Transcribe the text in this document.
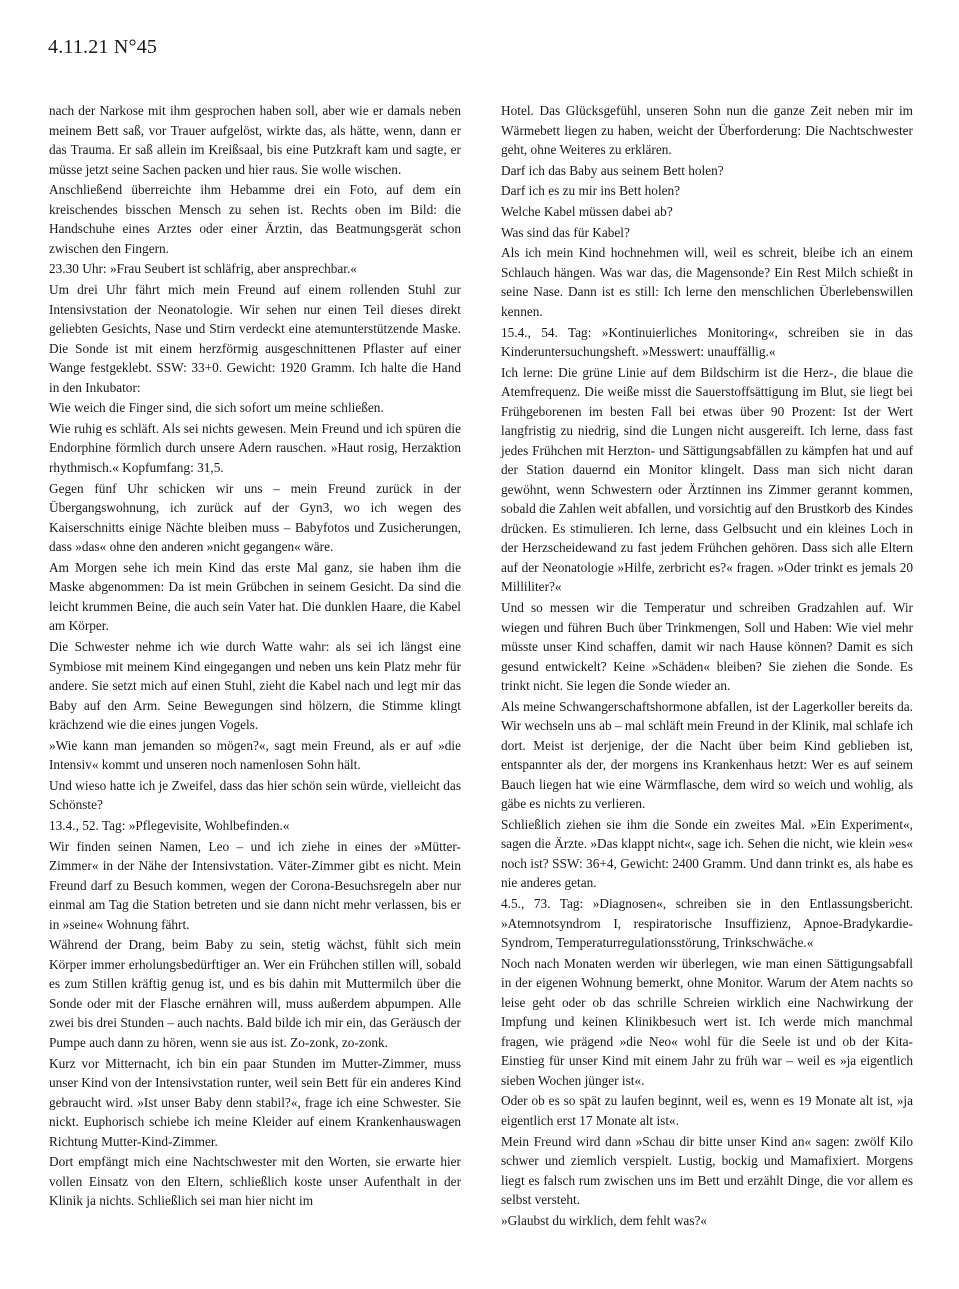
4.11.21 N°45

nach der Narkose mit ihm gesprochen haben soll, aber wie er damals neben meinem Bett saß, vor Trauer aufgelöst, wirkte das, als hätte, wenn, dann er das Trauma. Er saß allein im Kreißsaal, bis eine Putzkraft kam und sagte, er müsse jetzt seine Sachen packen und hier raus. Sie wolle wischen.

Anschließend überreichte ihm Hebamme drei ein Foto, auf dem ein kreischendes bisschen Mensch zu sehen ist. Rechts oben im Bild: die Handschuhe eines Arztes oder einer Ärztin, das Beatmungsgerät schon zwischen den Fingern.

23.30 Uhr: »Frau Seubert ist schläfrig, aber ansprechbar.«

Um drei Uhr fährt mich mein Freund auf einem rollenden Stuhl zur Intensivstation der Neonatologie. Wir sehen nur einen Teil dieses direkt geliebten Gesichts, Nase und Stirn verdeckt eine atemunterstützende Maske. Die Sonde ist mit einem herzförmig ausgeschnittenen Pflaster auf einer Wange festgeklebt. SSW: 33+0. Gewicht: 1920 Gramm. Ich halte die Hand in den Inkubator:

Wie weich die Finger sind, die sich sofort um meine schließen.

Wie ruhig es schläft. Als sei nichts gewesen. Mein Freund und ich spüren die Endorphine förmlich durch unsere Adern rauschen. »Haut rosig, Herzaktion rhythmisch.« Kopfumfang: 31,5.

Gegen fünf Uhr schicken wir uns – mein Freund zurück in der Übergangswohnung, ich zurück auf der Gyn3, wo ich wegen des Kaiserschnitts einige Nächte bleiben muss – Babyfotos und Zusicherungen, dass »das« ohne den anderen »nicht gegangen« wäre.

Am Morgen sehe ich mein Kind das erste Mal ganz, sie haben ihm die Maske abgenommen: Da ist mein Grübchen in seinem Gesicht. Da sind die leicht krummen Beine, die auch sein Vater hat. Die dunklen Haare, die Kabel am Körper.

Die Schwester nehme ich wie durch Watte wahr: als sei ich längst eine Symbiose mit meinem Kind eingegangen und neben uns kein Platz mehr für andere. Sie setzt mich auf einen Stuhl, zieht die Kabel nach und legt mir das Baby auf den Arm. Seine Bewegungen sind hölzern, die Stimme klingt krächzend wie die eines jungen Vogels.

»Wie kann man jemanden so mögen?«, sagt mein Freund, als er auf »die Intensiv« kommt und unseren noch namenlosen Sohn hält.

Und wieso hatte ich je Zweifel, dass das hier schön sein würde, vielleicht das Schönste?

13.4., 52. Tag: »Pflegevisite, Wohlbefinden.«

Wir finden seinen Namen, Leo – und ich ziehe in eines der »Mütter-Zimmer« in der Nähe der Intensivstation. Väter-Zimmer gibt es nicht. Mein Freund darf zu Besuch kommen, wegen der Corona-Besuchsregeln aber nur einmal am Tag die Station betreten und sie dann nicht mehr verlassen, bis er in »seine« Wohnung fährt.

Während der Drang, beim Baby zu sein, stetig wächst, fühlt sich mein Körper immer erholungsbedürftiger an. Wer ein Frühchen stillen will, sobald es zum Stillen kräftig genug ist, und es bis dahin mit Muttermilch über die Sonde oder mit der Flasche ernähren will, muss außerdem abpumpen. Alle zwei bis drei Stunden – auch nachts. Bald bilde ich mir ein, das Geräusch der Pumpe auch dann zu hören, wenn sie aus ist. Zo-zonk, zo-zonk.

Kurz vor Mitternacht, ich bin ein paar Stunden im Mutter-Zimmer, muss unser Kind von der Intensivstation runter, weil sein Bett für ein anderes Kind gebraucht wird. »Ist unser Baby denn stabil?«, frage ich eine Schwester. Sie nickt. Euphorisch schiebe ich meine Kleider auf einem Krankenhauswagen Richtung Mutter-Kind-Zimmer.

Dort empfängt mich eine Nachtschwester mit den Worten, sie erwarte hier vollen Einsatz von den Eltern, schließlich koste unser Aufenthalt in der Klinik ja nichts. Schließlich sei man hier nicht im

Hotel. Das Glücksgefühl, unseren Sohn nun die ganze Zeit neben mir im Wärmebett liegen zu haben, weicht der Überforderung: Die Nachtschwester geht, ohne Weiteres zu erklären.

Darf ich das Baby aus seinem Bett holen?

Darf ich es zu mir ins Bett holen?

Welche Kabel müssen dabei ab?

Was sind das für Kabel?

Als ich mein Kind hochnehmen will, weil es schreit, bleibe ich an einem Schlauch hängen. Was war das, die Magensonde? Ein Rest Milch schießt in seine Nase. Dann ist es still: Ich lerne den menschlichen Überlebenswillen kennen.

15.4., 54. Tag: »Kontinuierliches Monitoring«, schreiben sie in das Kinderuntersuchungsheft. »Messwert: unauffällig.«

Ich lerne: Die grüne Linie auf dem Bildschirm ist die Herz-, die blaue die Atemfrequenz. Die weiße misst die Sauerstoffsättigung im Blut, sie liegt bei Frühgeborenen im besten Fall bei etwas über 90 Prozent: Ist der Wert langfristig zu niedrig, sind die Lungen nicht ausgereift. Ich lerne, dass fast jedes Frühchen mit Herzton- und Sättigungsabfällen zu kämpfen hat und auf der Station dauernd ein Monitor klingelt. Dass man sich nicht daran gewöhnt, wenn Schwestern oder Ärztinnen ins Zimmer gerannt kommen, sobald die Zahlen weit abfallen, und vorsichtig auf den Brustkorb des Kindes drücken. Es stimulieren. Ich lerne, dass Gelbsucht und ein kleines Loch in der Herzscheidewand zu fast jedem Frühchen gehören. Dass sich alle Eltern auf der Neonatologie »Hilfe, zerbricht es?« fragen. »Oder trinkt es jemals 20 Milliliter?«

Und so messen wir die Temperatur und schreiben Gradzahlen auf. Wir wiegen und führen Buch über Trinkmengen, Soll und Haben: Wie viel mehr müsste unser Kind schaffen, damit wir nach Hause können? Damit es sich gesund entwickelt? Keine »Schäden« bleiben? Sie ziehen die Sonde. Es trinkt nicht. Sie legen die Sonde wieder an.

Als meine Schwangerschaftshormone abfallen, ist der Lagerkoller bereits da. Wir wechseln uns ab – mal schläft mein Freund in der Klinik, mal schlafe ich dort. Meist ist derjenige, der die Nacht über beim Kind geblieben ist, entspannter als der, der morgens ins Krankenhaus hetzt: Wer es auf seinem Bauch liegen hat wie eine Wärmflasche, dem wird so weich und wohlig, als gäbe es nichts zu verlieren.

Schließlich ziehen sie ihm die Sonde ein zweites Mal. »Ein Experiment«, sagen die Ärzte. »Das klappt nicht«, sage ich. Sehen die nicht, wie klein »es« noch ist? SSW: 36+4, Gewicht: 2400 Gramm. Und dann trinkt es, als habe es nie anderes getan.

4.5., 73. Tag: »Diagnosen«, schreiben sie in den Entlassungsbericht. »Atemnotsyndrom I, respiratorische Insuffizienz, Apnoe-Bradykardie-Syndrom, Temperaturregulationsstörung, Trinkschwäche.«

Noch nach Monaten werden wir überlegen, wie man einen Sättigungsabfall in der eigenen Wohnung bemerkt, ohne Monitor. Warum der Atem nachts so leise geht oder ob das schrille Schreien wirklich eine Nachwirkung der Impfung und keinen Klinikbesuch wert ist. Ich werde mich manchmal fragen, wie prägend »die Neo« wohl für die Seele ist und ob der Kita-Einstieg für unser Kind mit einem Jahr zu früh war – weil es »ja eigentlich sieben Wochen jünger ist«.

Oder ob es so spät zu laufen beginnt, weil es, wenn es 19 Monate alt ist, »ja eigentlich erst 17 Monate alt ist«.

Mein Freund wird dann »Schau dir bitte unser Kind an« sagen: zwölf Kilo schwer und ziemlich verspielt. Lustig, bockig und Mamafixiert. Morgens liegt es falsch rum zwischen uns im Bett und erzählt Dinge, die vor allem es selbst versteht.

»Glaubst du wirklich, dem fehlt was?«
